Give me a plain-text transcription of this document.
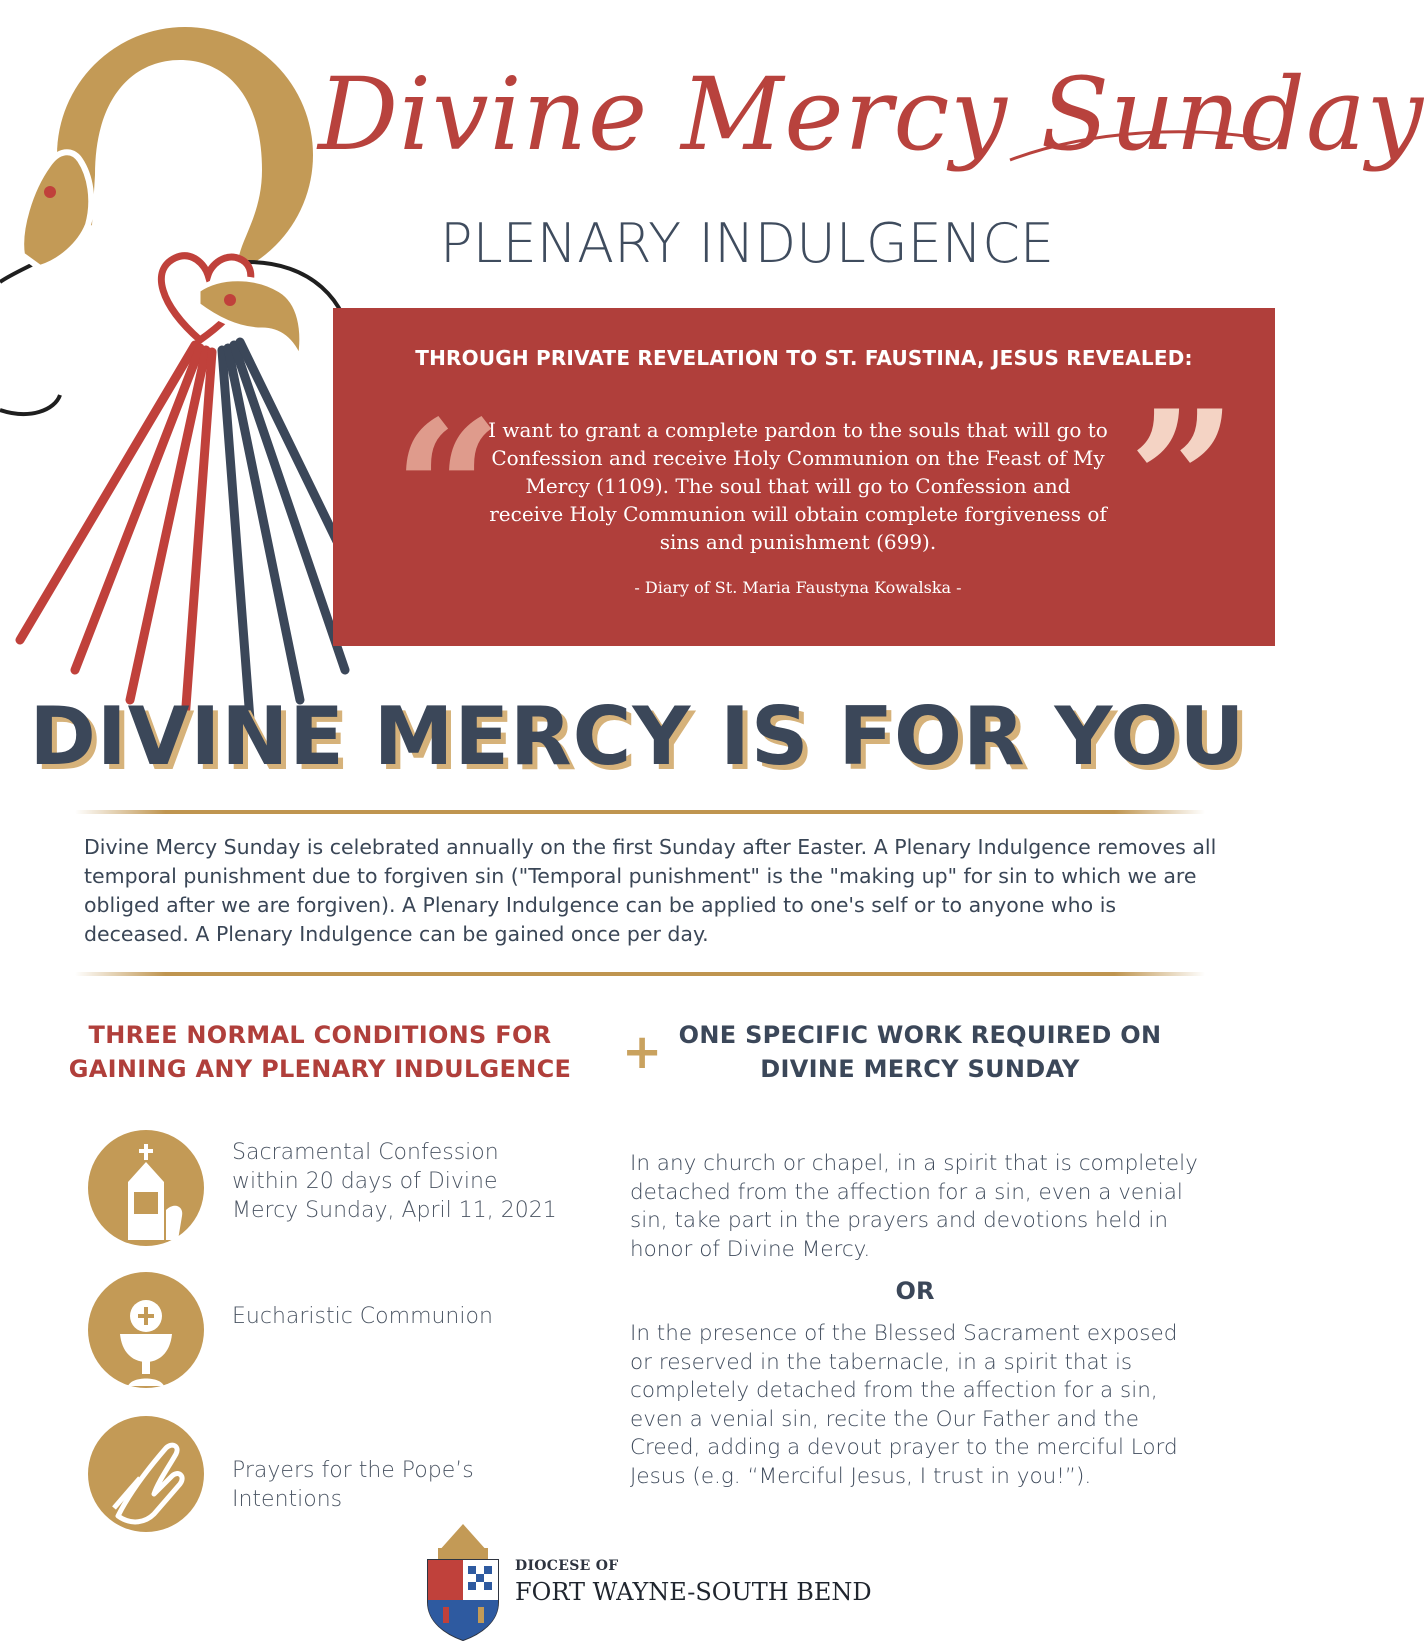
Divine Mercy Sunday
PLENARY INDULGENCE
THROUGH PRIVATE REVELATION TO ST. FAUSTINA, JESUS REVEALED:
“
I want to grant a complete pardon to the souls that will go to Confession and receive Holy Communion on the Feast of My Mercy (1109). The soul that will go to Confession and receive Holy Communion will obtain complete forgiveness of sins and punishment (699).	”
- Diary of St. Maria Faustyna Kowalska -
DIVINE MERCY IS FOR YOU
Divine Mercy Sunday is celebrated annually on the first Sunday after Easter. A Plenary Indulgence removes all temporal punishment due to forgiven sin ("Temporal punishment" is the "making up" for sin to which we are obliged after we are forgiven). A Plenary Indulgence can be applied to one's self or to anyone who is deceased. A Plenary Indulgence can be gained once per day.
THREE NORMAL CONDITIONS FOR GAINING ANY PLENARY INDULGENCE + ONE SPECIFIC WORK REQUIRED ON DIVINE MERCY SUNDAY
Sacramental Confession within 20 days of Divine Mercy Sunday, April 11, 2021
Eucharistic Communion
Prayers for the Pope’s Intentions
In any church or chapel, in a spirit that is completely detached from the affection for a sin, even a venial sin, take part in the prayers and devotions held in honor of Divine Mercy.
OR
In the presence of the Blessed Sacrament exposed or reserved in the tabernacle, in a spirit that is completely detached from the affection for a sin, even a venial sin, recite the Our Father and the Creed, adding a devout prayer to the merciful Lord Jesus (e.g. “Merciful Jesus, I trust in you!”).
DIOCESE OF
FORT WAYNE-SOUTH BEND
